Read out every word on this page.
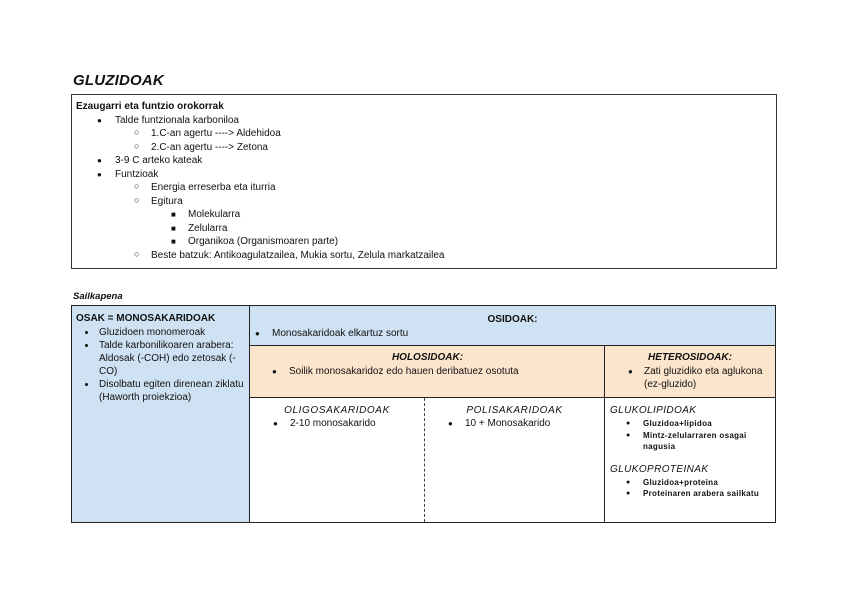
GLUZIDOAK
Ezaugarri eta funtzio orokorrak
● Talde funtzionala karboniloa
○ 1.C-an agertu ----> Aldehidoa
○ 2.C-an agertu ----> Zetona
● 3-9 C arteko kateak
● Funtzioak
○ Energia erreserba eta iturria
○ Egitura
■ Molekularra
■ Zelularra
■ Organikoa (Organismoaren parte)
○ Beste batzuk: Antikoagulatzailea, Mukia sortu, Zelula markatzailea
Sailkapena
OSAK = MONOSAKARIDOAK
• Gluzidoen monomeroak
• Talde karbonilikoaren arabera: Aldosak (-COH) edo zetosak (-CO)
• Disolbatu egiten direnean ziklatu (Haworth proiekzioa)
OSIDOAK:
● Monosakaridoak elkartuz sortu
HOLOSIDOAK:
● Soilik monosakaridoz edo hauen deribatuez osotuta
HETEROSIDOAK:
● Zati gluzidiko eta aglukona (ez-gluzido)
OLIGOSAKARIDOAK
● 2-10 monosakarido
POLISAKARIDOAK
● 10 + Monosakarido
GLUKOLIPIDOAK
● Gluzidoa+lipidoa
● Mintz-zelularraren osagai nagusia
GLUKOPROTEINAK
● Gluzidoa+proteina
● Proteinaren arabera sailkatu
